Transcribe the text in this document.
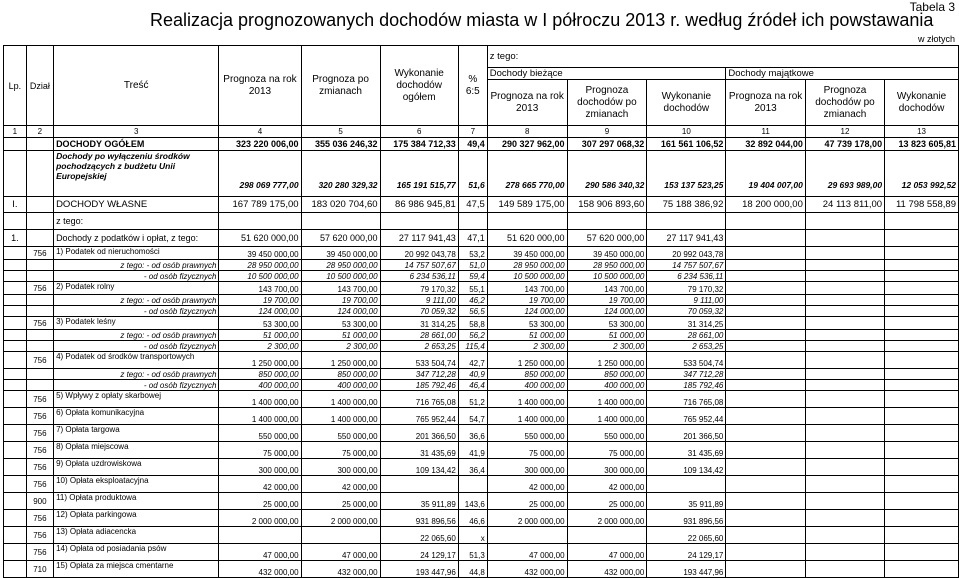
Realizacja prognozowanych dochodów miasta w I półroczu 2013 r. według źródeł ich powstawania
Tabela 3
w złotych
Lp.	Dział	Treść	Prognoza na rok 2013	Prognoza po zmianach	Wykonanie dochodów ogółem	% 6:5	z tego:					
							Dochody bieżące			Dochody majątkowe		
							Prognoza na rok 2013	Prognoza dochodów po zmianach	Wykonanie dochodów	Prognoza na rok 2013	Prognoza dochodów po zmianach	Wykonanie dochodów
1	2	3	4	5	6	7	8	9	10	11	12	13
		DOCHODY OGÓŁEM	323 220 006,00	355 036 246,32	175 384 712,33	49,4	290 327 962,00	307 297 068,32	161 561 106,52	32 892 044,00	47 739 178,00	13 823 605,81
		Dochody po wyłączeniu środków pochodzących z budżetu Unii Europejskiej	298 069 777,00	320 280 329,32	165 191 515,77	51,6	278 665 770,00	290 586 340,32	153 137 523,25	19 404 007,00	29 693 989,00	12 053 992,52
I.		DOCHODY WŁASNE	167 789 175,00	183 020 704,60	86 986 945,81	47,5	149 589 175,00	158 906 893,60	75 188 386,92	18 200 000,00	24 113 811,00	11 798 558,89
		z tego:										
1.		Dochody z podatków i opłat, z tego:	51 620 000,00	57 620 000,00	27 117 941,43	47,1	51 620 000,00	57 620 000,00	27 117 941,43			
	756	1) Podatek od nieruchomości	39 450 000,00	39 450 000,00	20 992 043,78	53,2	39 450 000,00	39 450 000,00	20 992 043,78			
		z tego: - od osób prawnych	28 950 000,00	28 950 000,00	14 757 507,67	51,0	28 950 000,00	28 950 000,00	14 757 507,67			
		- od osób fizycznych	10 500 000,00	10 500 000,00	6 234 536,11	59,4	10 500 000,00	10 500 000,00	6 234 536,11			
	756	2) Podatek rolny	143 700,00	143 700,00	79 170,32	55,1	143 700,00	143 700,00	79 170,32			
		z tego: - od osób prawnych	19 700,00	19 700,00	9 111,00	46,2	19 700,00	19 700,00	9 111,00			
		- od osób fizycznych	124 000,00	124 000,00	70 059,32	56,5	124 000,00	124 000,00	70 059,32			
	756	3) Podatek leśny	53 300,00	53 300,00	31 314,25	58,8	53 300,00	53 300,00	31 314,25			
		z tego: - od osób prawnych	51 000,00	51 000,00	28 661,00	56,2	51 000,00	51 000,00	28 661,00			
		- od osób fizycznych	2 300,00	2 300,00	2 653,25	115,4	2 300,00	2 300,00	2 653,25			
	756	4) Podatek od środków transportowych	1 250 000,00	1 250 000,00	533 504,74	42,7	1 250 000,00	1 250 000,00	533 504,74			
		z tego: - od osób prawnych	850 000,00	850 000,00	347 712,28	40,9	850 000,00	850 000,00	347 712,28			
		- od osób fizycznych	400 000,00	400 000,00	185 792,46	46,4	400 000,00	400 000,00	185 792,46			
	756	5) Wpływy z opłaty skarbowej	1 400 000,00	1 400 000,00	716 765,08	51,2	1 400 000,00	1 400 000,00	716 765,08			
	756	6) Opłata komunikacyjna	1 400 000,00	1 400 000,00	765 952,44	54,7	1 400 000,00	1 400 000,00	765 952,44			
	756	7) Opłata targowa	550 000,00	550 000,00	201 366,50	36,6	550 000,00	550 000,00	201 366,50			
	756	8) Opłata miejscowa	75 000,00	75 000,00	31 435,69	41,9	75 000,00	75 000,00	31 435,69			
	756	9) Opłata uzdrowiskowa	300 000,00	300 000,00	109 134,42	36,4	300 000,00	300 000,00	109 134,42			
	756	10) Opłata eksploatacyjna	42 000,00	42 000,00			42 000,00	42 000,00				
	900	11) Opłata produktowa	25 000,00	25 000,00	35 911,89	143,6	25 000,00	25 000,00	35 911,89			
	756	12) Opłata parkingowa	2 000 000,00	2 000 000,00	931 896,56	46,6	2 000 000,00	2 000 000,00	931 896,56			
	756	13) Opłata adiacencka			22 065,60	x			22 065,60			
	756	14) Opłata od posiadania psów	47 000,00	47 000,00	24 129,17	51,3	47 000,00	47 000,00	24 129,17			
	710	15) Opłata za miejsca cmentarne	432 000,00	432 000,00	193 447,96	44,8	432 000,00	432 000,00	193 447,96			
